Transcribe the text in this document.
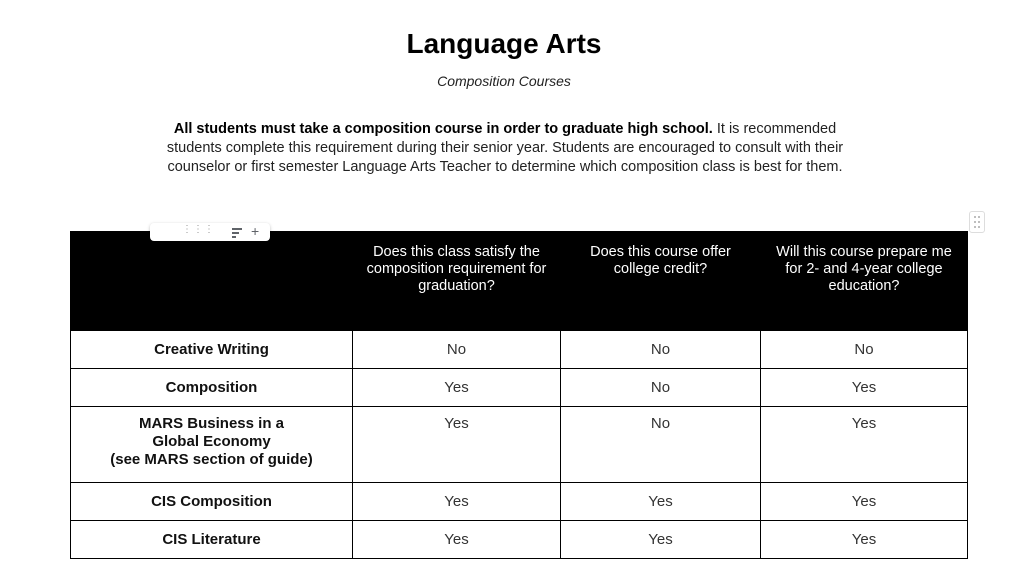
Language Arts
Composition Courses
All students must take a composition course in order to graduate high school. It is recommended students complete this requirement during their senior year. Students are encouraged to consult with their counselor or first semester Language Arts Teacher to determine which composition class is best for them.
⋮⋮⋮	+
	Does this class satisfy the composition requirement for graduation?	Does this course offer college credit?	Will this course prepare me for 2- and 4-year college education?
Creative Writing	No	No	No
Composition	Yes	No	Yes

MARS Business in a
Global Economy
(see MARS section of guide)	Yes	No	Yes
CIS Composition	Yes	Yes	Yes
CIS Literature	Yes	Yes	Yes
